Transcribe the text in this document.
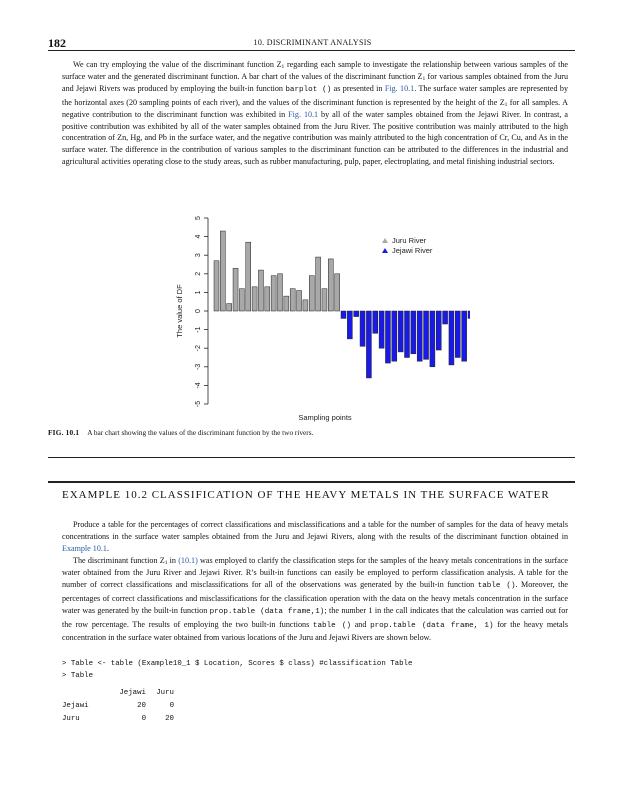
182	10. DISCRIMINANT ANALYSIS

We can try employing the value of the discriminant function $Z_1$ regarding each sample to investigate the relationship between various samples of the surface water and the generated discriminant function. A bar chart of the values of the discriminant function $Z_1$ for various samples obtained from the Juru and Jejawi Rivers was produced by employing the built-in function barplot () as presented in Fig. 10.1. The surface water samples are represented by the horizontal axes (20 sampling points of each river), and the values of the discriminant function is represented by the height of the $Z_1$ for all samples. A negative contribution to the discriminant function was exhibited in Fig. 10.1 by all of the water samples obtained from the Jejawi River. In contrast, a positive contribution was exhibited by all of the water samples obtained from the Juru River. The positive contribution was mainly attributed to the high concentration of Zn, Hg, and Pb in the surface water, and the negative contribution was mainly attributed to the high concentration of Cr, Cu, and As in the surface water. The difference in the contribution of various samples to the discriminant function can be attributed to the differences in the industrial and agricultural activities operating close to the study areas, such as rubber manufacturing, pulp, paper, electroplating, and metal finishing industrial sectors.

-5
-4
-3
-2
-1
0
1
2
3
4
5
The value of DF
Sampling points
Juru River
Jejawi River
FIG. 10.1 A bar chart showing the values of the discriminant function by the two rivers.
EXAMPLE 10.2 CLASSIFICATION OF THE HEAVY METALS IN THE SURFACE WATER

Produce a table for the percentages of correct classifications and misclassifications and a table for the number of samples for the data of heavy metals concentrations in the surface water samples obtained from the Juru and Jejawi Rivers, along with the results of the discriminant function obtained in Example 10.1.

The discriminant function $Z_1$ in (10.1) was employed to clarify the classification steps for the samples of the heavy metals concentrations in the surface water obtained from the Juru River and Jejawi River. R’s built-in functions can easily be employed to perform classification analysis. A table for the number of correct classifications and misclassifications for all of the observations was generated by the built-in function table (). Moreover, the percentages of correct classifications and misclassifications for the classification operation with the data on the heavy metals concentration in the surface water was generated by the built-in function prop.table (data frame,1); the number 1 in the call indicates that the calculation was carried out for the row percentage. The results of employing the two built-in functions table () and prop.table (data frame, 1) for the heavy metals concentration in the surface water obtained from various locations of the Juru and Jejawi Rivers are shown below.

> Table <- table (Example10_1 $ Location, Scores $ class) #classification Table
> Table
	Jejawi	Juru
Jejawi	20	0
Juru	0	20
